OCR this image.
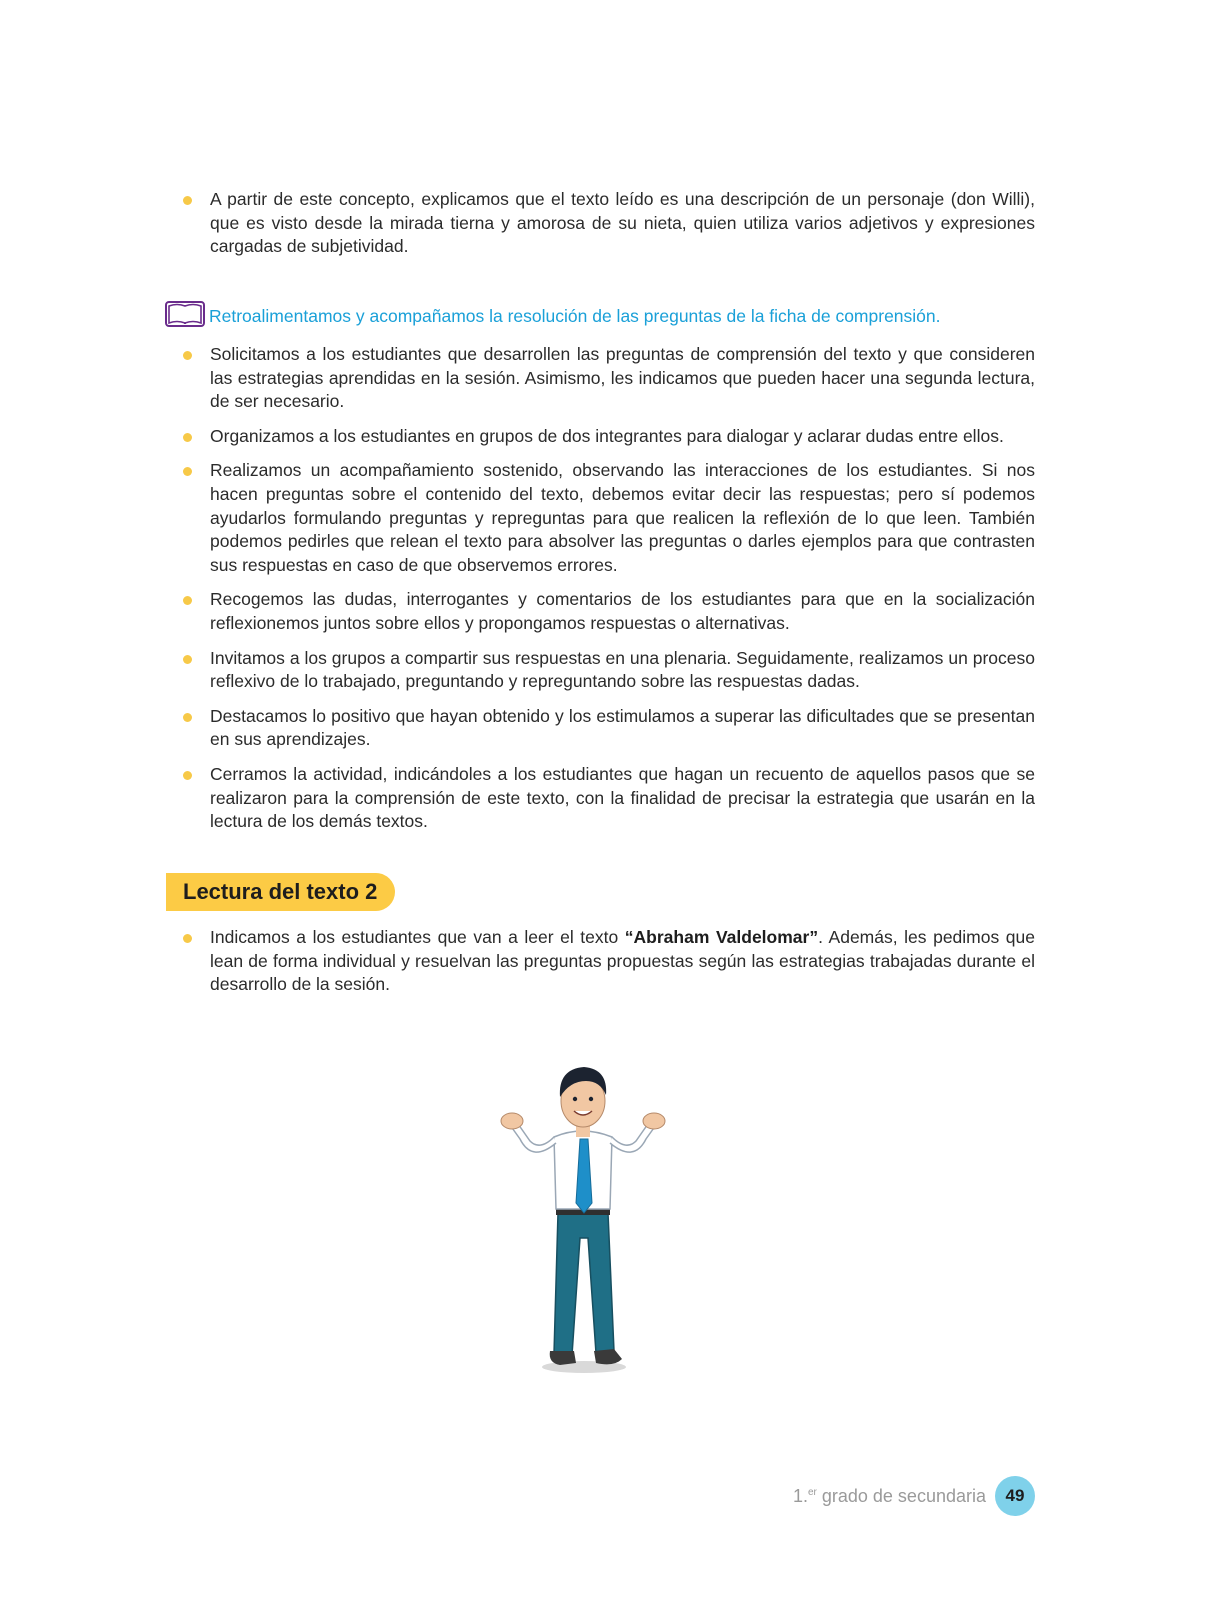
A partir de este concepto, explicamos que el texto leído es una descripción de un personaje (don Willi), que es visto desde la mirada tierna y amorosa de su nieta, quien utiliza varios adjetivos y expresiones cargadas de subjetividad.
Retroalimentamos y acompañamos la resolución de las preguntas de la ficha de comprensión.
Solicitamos a los estudiantes que desarrollen las preguntas de comprensión del texto y que consideren las estrategias aprendidas en la sesión. Asimismo, les indicamos que pueden hacer una segunda lectura, de ser necesario.
Organizamos a los estudiantes en grupos de dos integrantes para dialogar y aclarar dudas entre ellos.
Realizamos un acompañamiento sostenido, observando las interacciones de los estudiantes. Si nos hacen preguntas sobre el contenido del texto, debemos evitar decir las respuestas; pero sí podemos ayudarlos formulando preguntas y repreguntas para que realicen la reflexión de lo que leen. También podemos pedirles que relean el texto para absolver las preguntas o darles ejemplos para que contrasten sus respuestas en caso de que observemos errores.
Recogemos las dudas, interrogantes y comentarios de los estudiantes para que en la socialización reflexionemos juntos sobre ellos y propongamos respuestas o alternativas.
Invitamos a los grupos a compartir sus respuestas en una plenaria. Seguidamente, realizamos un proceso reflexivo de lo trabajado, preguntando y repreguntando sobre las respuestas dadas.
Destacamos lo positivo que hayan obtenido y los estimulamos a superar las dificultades que se presentan en sus aprendizajes.
Cerramos la actividad, indicándoles a los estudiantes que hagan un recuento de aquellos pasos que se realizaron para la comprensión de este texto, con la finalidad de precisar la estrategia que usarán en la lectura de los demás textos.
Lectura del texto 2
Indicamos a los estudiantes que van a leer el texto “Abraham Valdelomar”. Además, les pedimos que lean de forma individual y resuelvan las preguntas propuestas según las estrategias trabajadas durante el desarrollo de la sesión.
1.$^{er}$ grado de secundaria	49
